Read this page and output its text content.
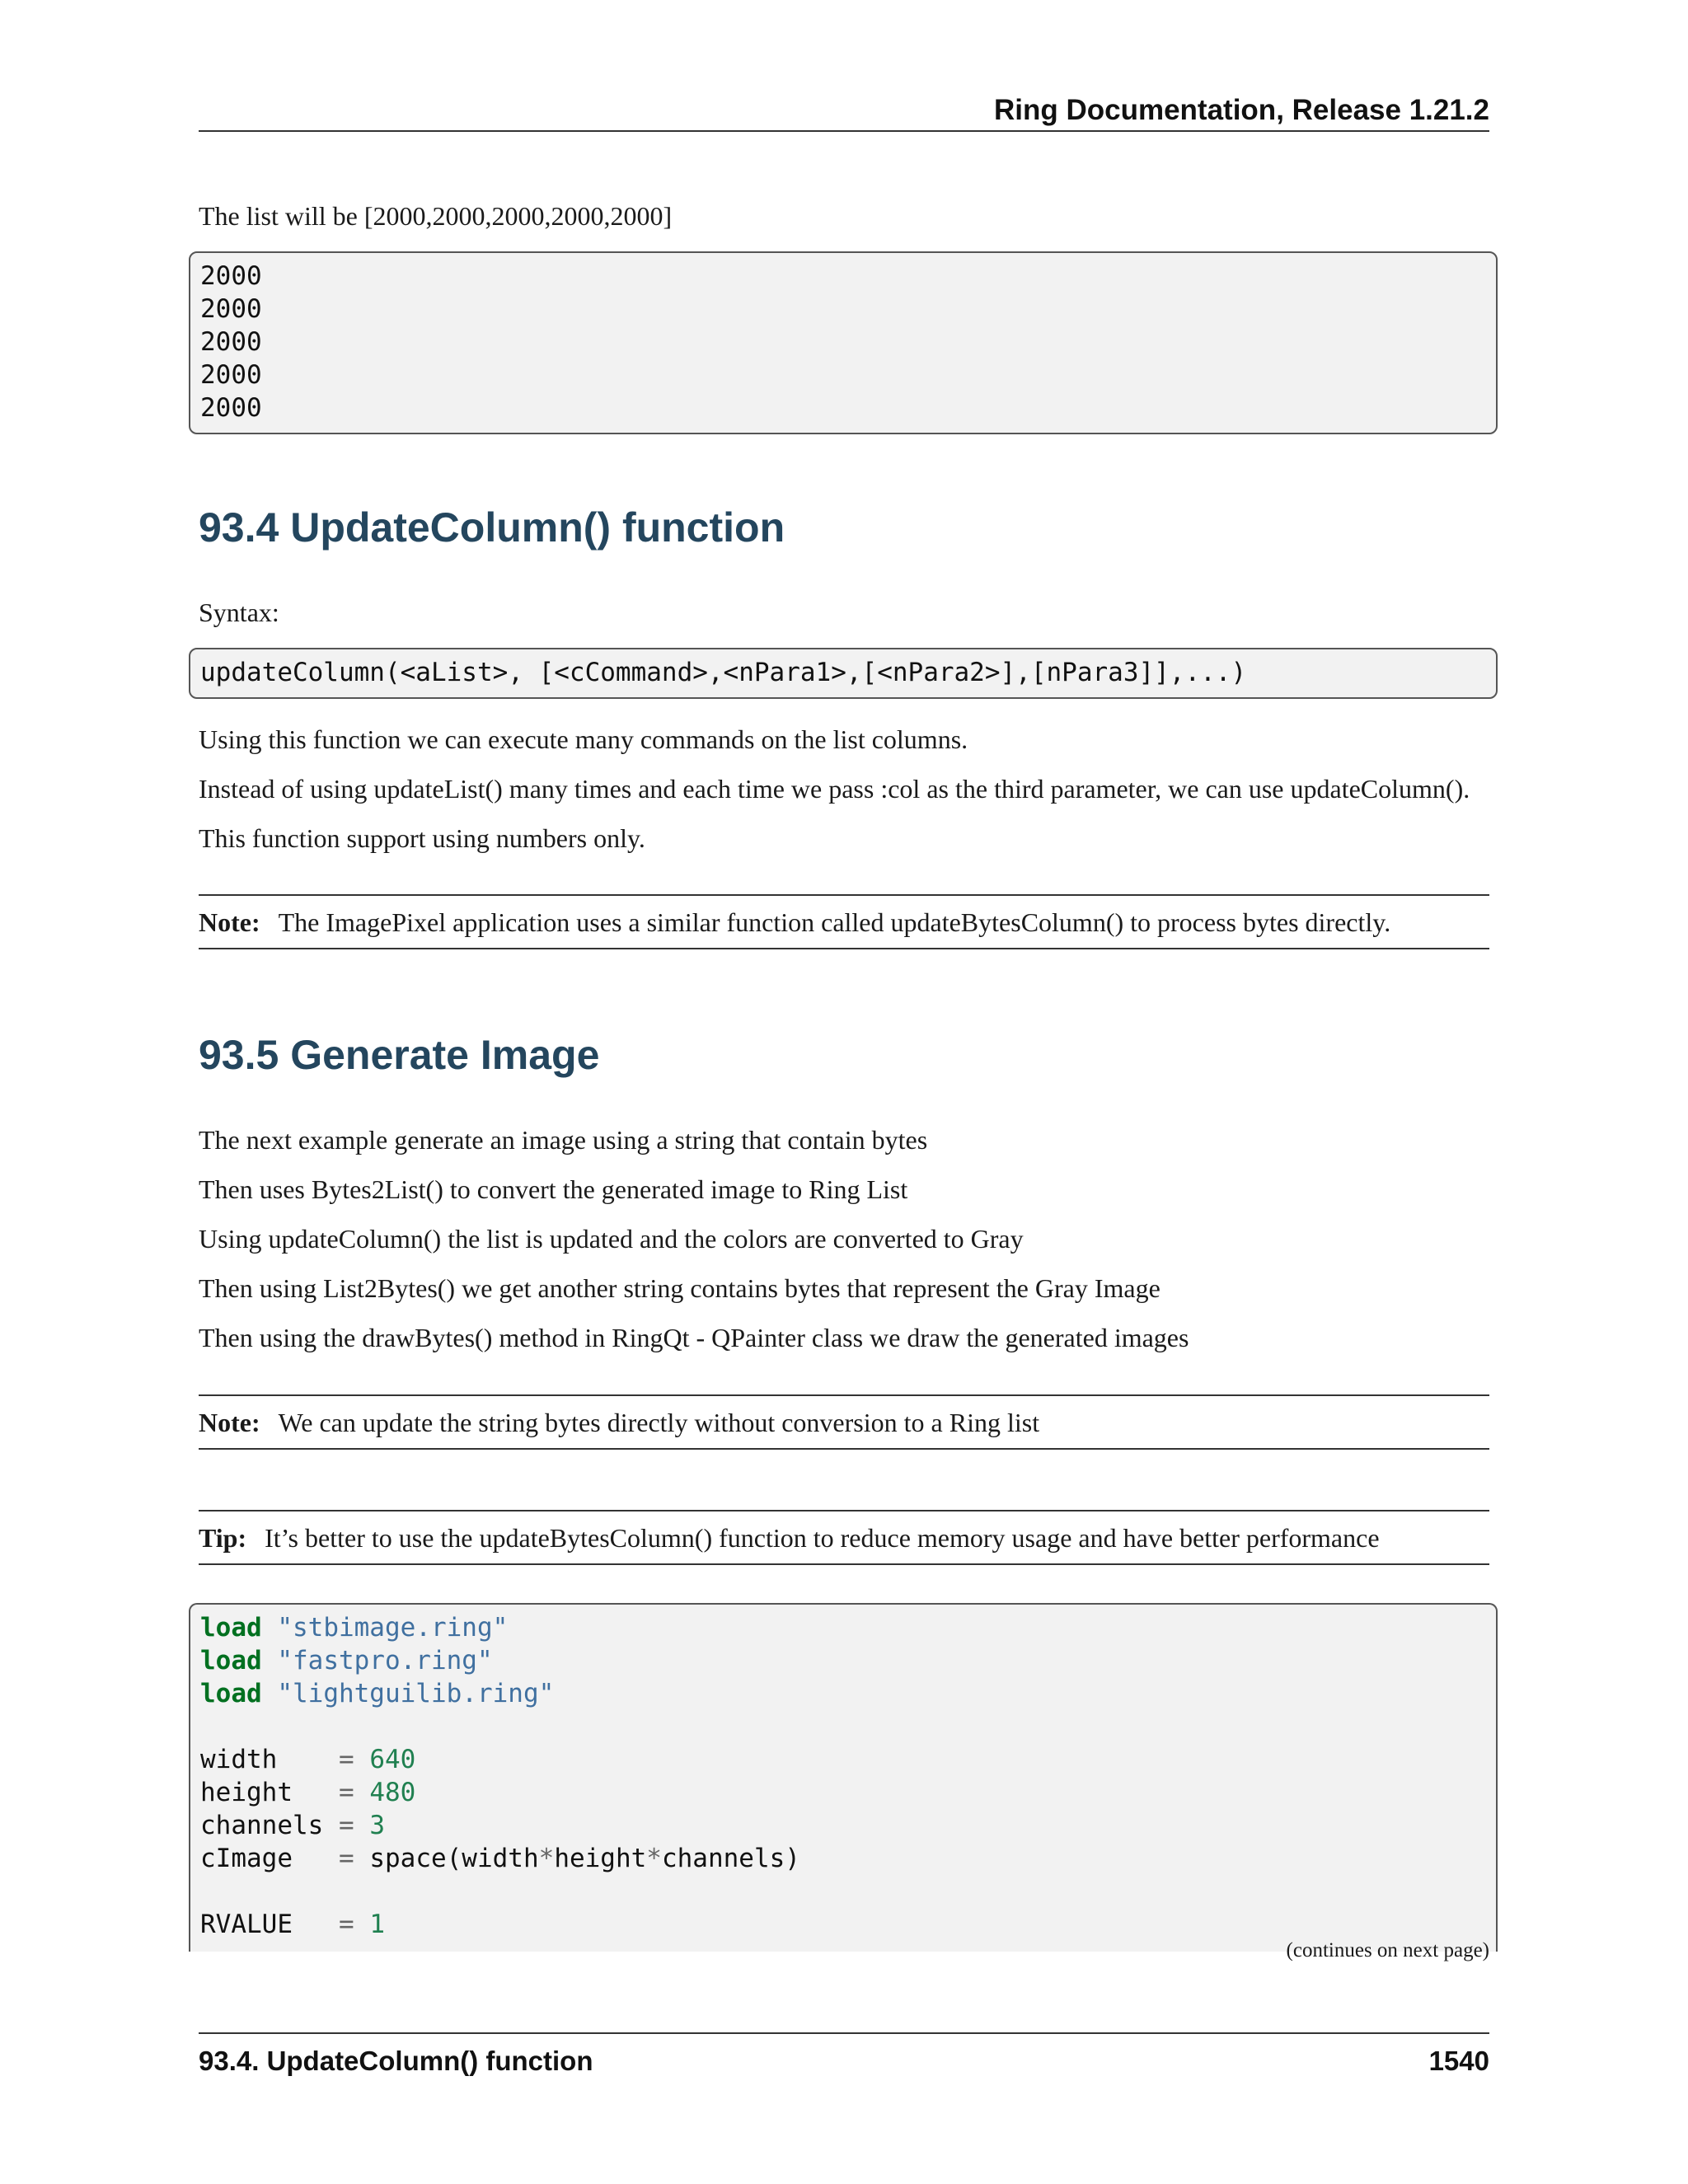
Ring Documentation, Release 1.21.2
The list will be [2000,2000,2000,2000,2000]
2000
2000
2000
2000
2000
93.4 UpdateColumn() function
Syntax:
updateColumn(<aList>, [<cCommand>,<nPara1>,[<nPara2>],[nPara3]],...)
Using this function we can execute many commands on the list columns.
Instead of using updateList() many times and each time we pass :col as the third parameter, we can use updateColumn().
This function support using numbers only.
Note: The ImagePixel application uses a similar function called updateBytesColumn() to process bytes directly.
93.5 Generate Image
The next example generate an image using a string that contain bytes
Then uses Bytes2List() to convert the generated image to Ring List
Using updateColumn() the list is updated and the colors are converted to Gray
Then using List2Bytes() we get another string contains bytes that represent the Gray Image
Then using the drawBytes() method in RingQt - QPainter class we draw the generated images
Note: We can update the string bytes directly without conversion to a Ring list
Tip: It’s better to use the updateBytesColumn() function to reduce memory usage and have better performance
load "stbimage.ring"
load "fastpro.ring"
load "lightguilib.ring"
width    = 640
height   = 480
channels = 3
cImage   = space(width*height*channels)
RVALUE   = 1
(continues on next page)
93.4. UpdateColumn() function	1540
